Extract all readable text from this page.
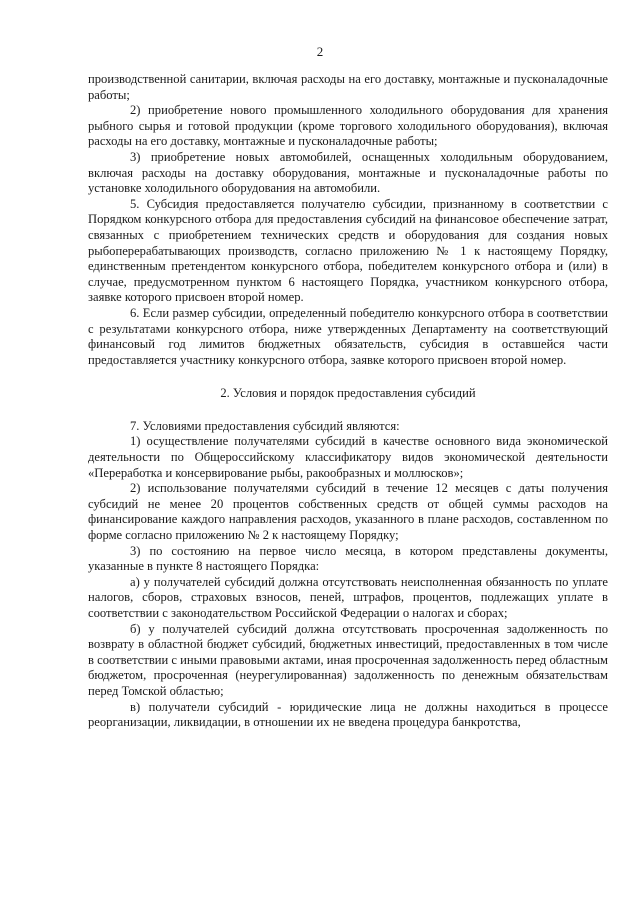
2

производственной санитарии, включая расходы на его доставку, монтажные и пусконаладочные работы;

2) приобретение нового промышленного холодильного оборудования для хранения рыбного сырья и готовой продукции (кроме торгового холодильного оборудования), включая расходы на его доставку, монтажные и пусконаладочные работы;

3) приобретение новых автомобилей, оснащенных холодильным оборудованием, включая расходы на доставку оборудования, монтажные и пусконаладочные работы по установке холодильного оборудования на автомобили.

5. Субсидия предоставляется получателю субсидии, признанному в соответствии с Порядком конкурсного отбора для предоставления субсидий на финансовое обеспечение затрат, связанных с приобретением технических средств и оборудования для создания новых рыбоперерабатывающих производств, согласно приложению № 1 к настоящему Порядку, единственным претендентом конкурсного отбора, победителем конкурсного отбора и (или) в случае, предусмотренном пунктом 6 настоящего Порядка, участником конкурсного отбора, заявке которого присвоен второй номер.

6. Если размер субсидии, определенный победителю конкурсного отбора в соответствии с результатами конкурсного отбора, ниже утвержденных Департаменту на соответствующий финансовый год лимитов бюджетных обязательств, субсидия в оставшейся части предоставляется участнику конкурсного отбора, заявке которого присвоен второй номер.

2. Условия и порядок предоставления субсидий

7. Условиями предоставления субсидий являются:

1) осуществление получателями субсидий в качестве основного вида экономической деятельности по Общероссийскому классификатору видов экономической деятельности «Переработка и консервирование рыбы, ракообразных и моллюсков»;

2) использование получателями субсидий в течение 12 месяцев с даты получения субсидий не менее 20 процентов собственных средств от общей суммы расходов на финансирование каждого направления расходов, указанного в плане расходов, составленном по форме согласно приложению № 2 к настоящему Порядку;

3) по состоянию на первое число месяца, в котором представлены документы, указанные в пункте 8 настоящего Порядка:

а) у получателей субсидий должна отсутствовать неисполненная обязанность по уплате налогов, сборов, страховых взносов, пеней, штрафов, процентов, подлежащих уплате в соответствии с законодательством Российской Федерации о налогах и сборах;

б) у получателей субсидий должна отсутствовать просроченная задолженность по возврату в областной бюджет субсидий, бюджетных инвестиций, предоставленных в том числе в соответствии с иными правовыми актами, иная просроченная задолженность перед областным бюджетом, просроченная (неурегулированная) задолженность по денежным обязательствам перед Томской областью;

в) получатели субсидий - юридические лица не должны находиться в процессе реорганизации, ликвидации, в отношении их не введена процедура банкротства,
